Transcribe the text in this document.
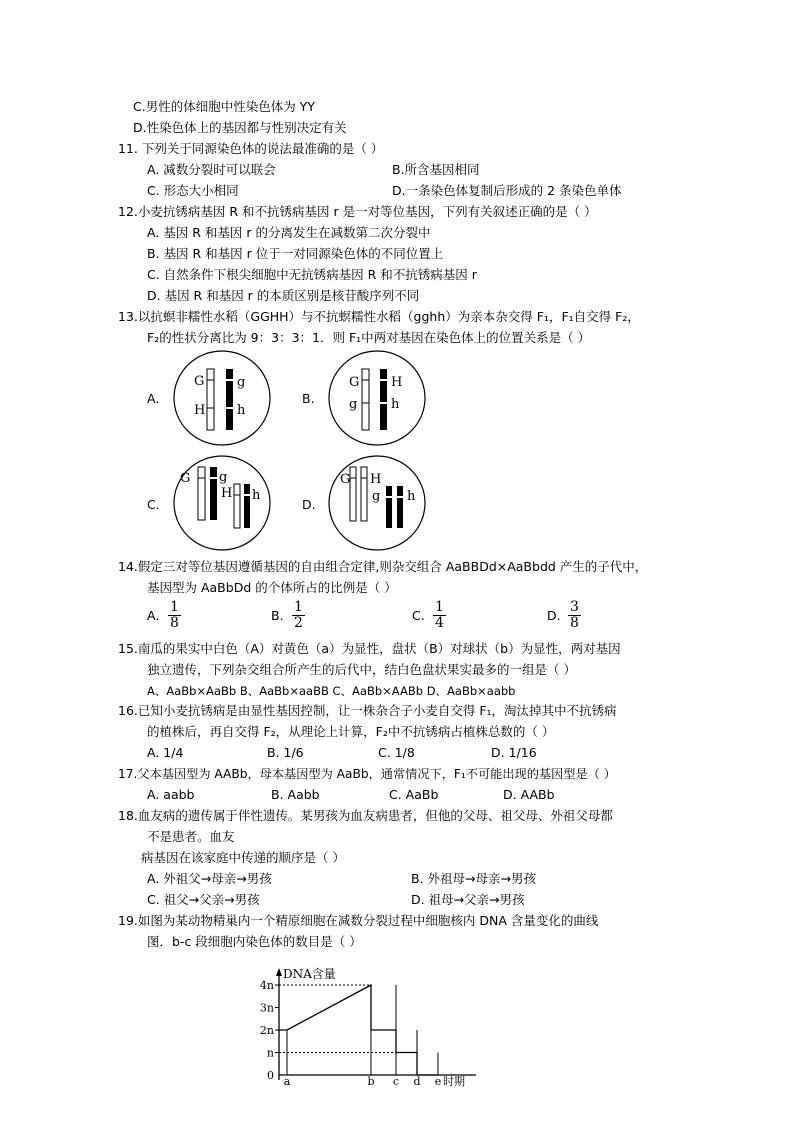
C.男性的体细胞中性染色体为 YY
D.性染色体上的基因都与性别决定有关
11. 下列关于同源染色体的说法最准确的是（ ）
A. 减数分裂时可以联会	B.所含基因相同
C. 形态大小相同	D.一条染色体复制后形成的 2 条染色单体
12.小麦抗锈病基因 R 和不抗锈病基因 r 是一对等位基因，下列有关叙述正确的是（ ）
A. 基因 R 和基因 r 的分离发生在减数第二次分裂中
B. 基因 R 和基因 r 位于一对同源染色体的不同位置上
C. 自然条件下根尖细胞中无抗锈病基因 R 和不抗锈病基因 r
D. 基因 R 和基因 r 的本质区别是核苷酸序列不同
13.以抗螟非糯性水稻（GGHH）与不抗螟糯性水稻（gghh）为亲本杂交得 F₁，F₁自交得 F₂，
F₂的性状分离比为 9：3：3：1．则 F₁中两对基因在染色体上的位置关系是（ ）
A.	B.
C.	D.
G
H
g
h
G
g
H
h
G g
H h
G H
g h
14.假定三对等位基因遵循基因的自由组合定律,则杂交组合 AaBBDd×AaBbdd 产生的子代中，
基因型为 AaBbDd 的个体所占的比例是（ ）
A.
1
8	B.
1
2	C.
1
4	D.
3
8
15.南瓜的果实中白色（A）对黄色（a）为显性，盘状（B）对球状（b）为显性，两对基因
独立遗传，下列杂交组合所产生的后代中，结白色盘状果实最多的一组是（ ）
A、AaBb×AaBb B、AaBb×aaBB C、AaBb×AABb D、AaBb×aabb
16.已知小麦抗锈病是由显性基因控制，让一株杂合子小麦自交得 F₁，淘汰掉其中不抗锈病
的植株后，再自交得 F₂，从理论上计算，F₂中不抗锈病占植株总数的（ ）
A. 1/4	B. 1/6	C. 1/8	D. 1/16
17.父本基因型为 AABb，母本基因型为 AaBb，通常情况下，F₁不可能出现的基因型是（ ）
A. aabb	B. Aabb	C. AaBb	D. AABb
18.血友病的遗传属于伴性遗传。某男孩为血友病患者，但他的父母、祖父母、外祖父母都
不是患者。血友
病基因在该家庭中传递的顺序是（ ）
A. 外祖父→母亲→男孩	B. 外祖母→母亲→男孩
C. 祖父→父亲→男孩	D. 祖母→父亲→男孩
19.如图为某动物精巢内一个精原细胞在减数分裂过程中细胞核内 DNA 含量变化的曲线
图．b-c 段细胞内染色体的数目是（ ）
DNA含量
时期
0
n
2n
3n
4n
a	b c d e
